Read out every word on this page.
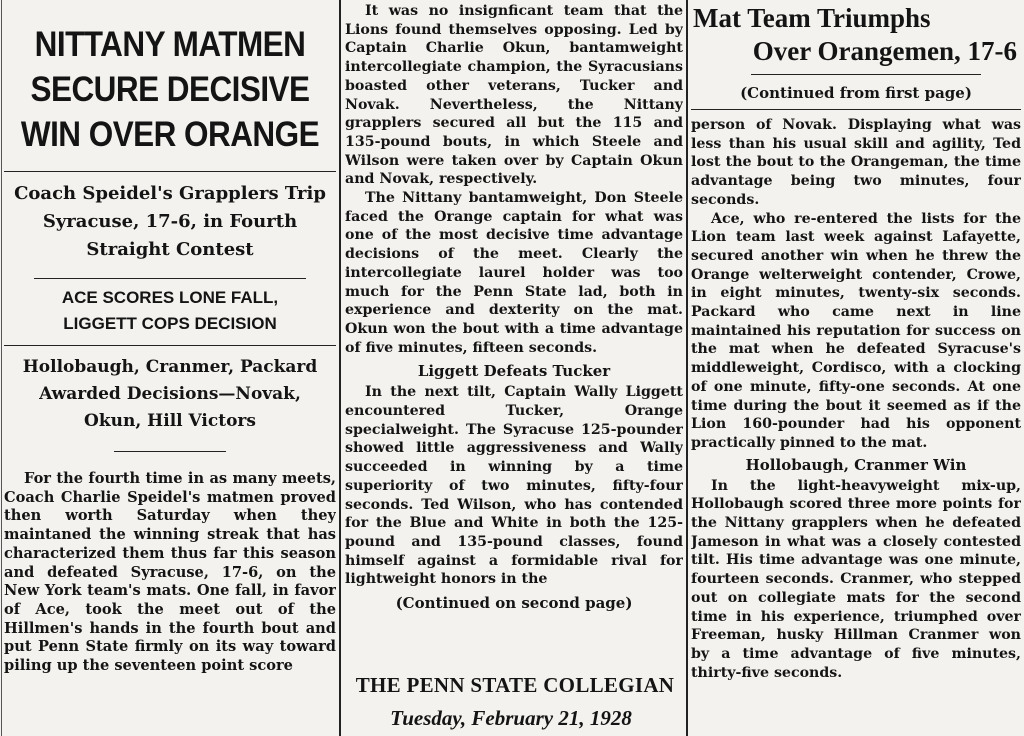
NITTANY MATMEN
SECURE DECISIVE
WIN OVER ORANGE
Coach Speidel's Grapplers Trip
Syracuse, 17-6, in Fourth
Straight Contest
ACE SCORES LONE FALL,
LIGGETT COPS DECISION
Hollobaugh, Cranmer, Packard
Awarded Decisions—Novak,
Okun, Hill Victors

For the fourth time in as many meets, Coach Charlie Speidel's matmen proved then worth Saturday when they maintaned the winning streak that has characterized them thus far this season and defeated Syracuse, 17-6, on the New York team's mats. One fall, in favor of Ace, took the meet out of the Hillmen's hands in the fourth bout and put Penn State firmly on its way toward piling up the seventeen point score

It was no insignficant team that the Lions found themselves opposing. Led by Captain Charlie Okun, bantamweight intercollegiate champion, the Syracusians boasted other veterans, Tucker and Novak. Nevertheless, the Nittany grapplers secured all but the 115 and 135-pound bouts, in which Steele and Wilson were taken over by Captain Okun and Novak, respectively.

The Nittany bantamweight, Don Steele faced the Orange captain for what was one of the most decisive time advantage decisions of the meet. Clearly the intercollegiate laurel holder was too much for the Penn State lad, both in experience and dexterity on the mat. Okun won the bout with a time advantage of five minutes, fifteen seconds.

Liggett Defeats Tucker

In the next tilt, Captain Wally Liggett encountered Tucker, Orange specialweight. The Syracuse 125-pounder showed little aggressiveness and Wally succeeded in winning by a time superiority of two minutes, fifty-four seconds. Ted Wilson, who has contended for the Blue and White in both the 125-pound and 135-pound classes, found himself against a formidable rival for lightweight honors in the

(Continued on second page)

THE PENN STATE COLLEGIAN
Tuesday, February 21, 1928
Mat Team Triumphs
Over Orangemen, 17-6

(Continued from first page)

person of Novak. Displaying what was less than his usual skill and agility, Ted lost the bout to the Orangeman, the time advantage being two minutes, four seconds.

Ace, who re-entered the lists for the Lion team last week against Lafayette, secured another win when he threw the Orange welterweight contender, Crowe, in eight minutes, twenty-six seconds. Packard who came next in line maintained his reputation for success on the mat when he defeated Syracuse's middleweight, Cordisco, with a clocking of one minute, fifty-one seconds. At one time during the bout it seemed as if the Lion 160-pounder had his opponent practically pinned to the mat.

Hollobaugh, Cranmer Win

In the light-heavyweight mix-up, Hollobaugh scored three more points for the Nittany grapplers when he defeated Jameson in what was a closely contested tilt. His time advantage was one minute, fourteen seconds. Cranmer, who stepped out on collegiate mats for the second time in his experience, triumphed over Freeman, husky Hillman Cranmer won by a time advantage of five minutes, thirty-five seconds.
